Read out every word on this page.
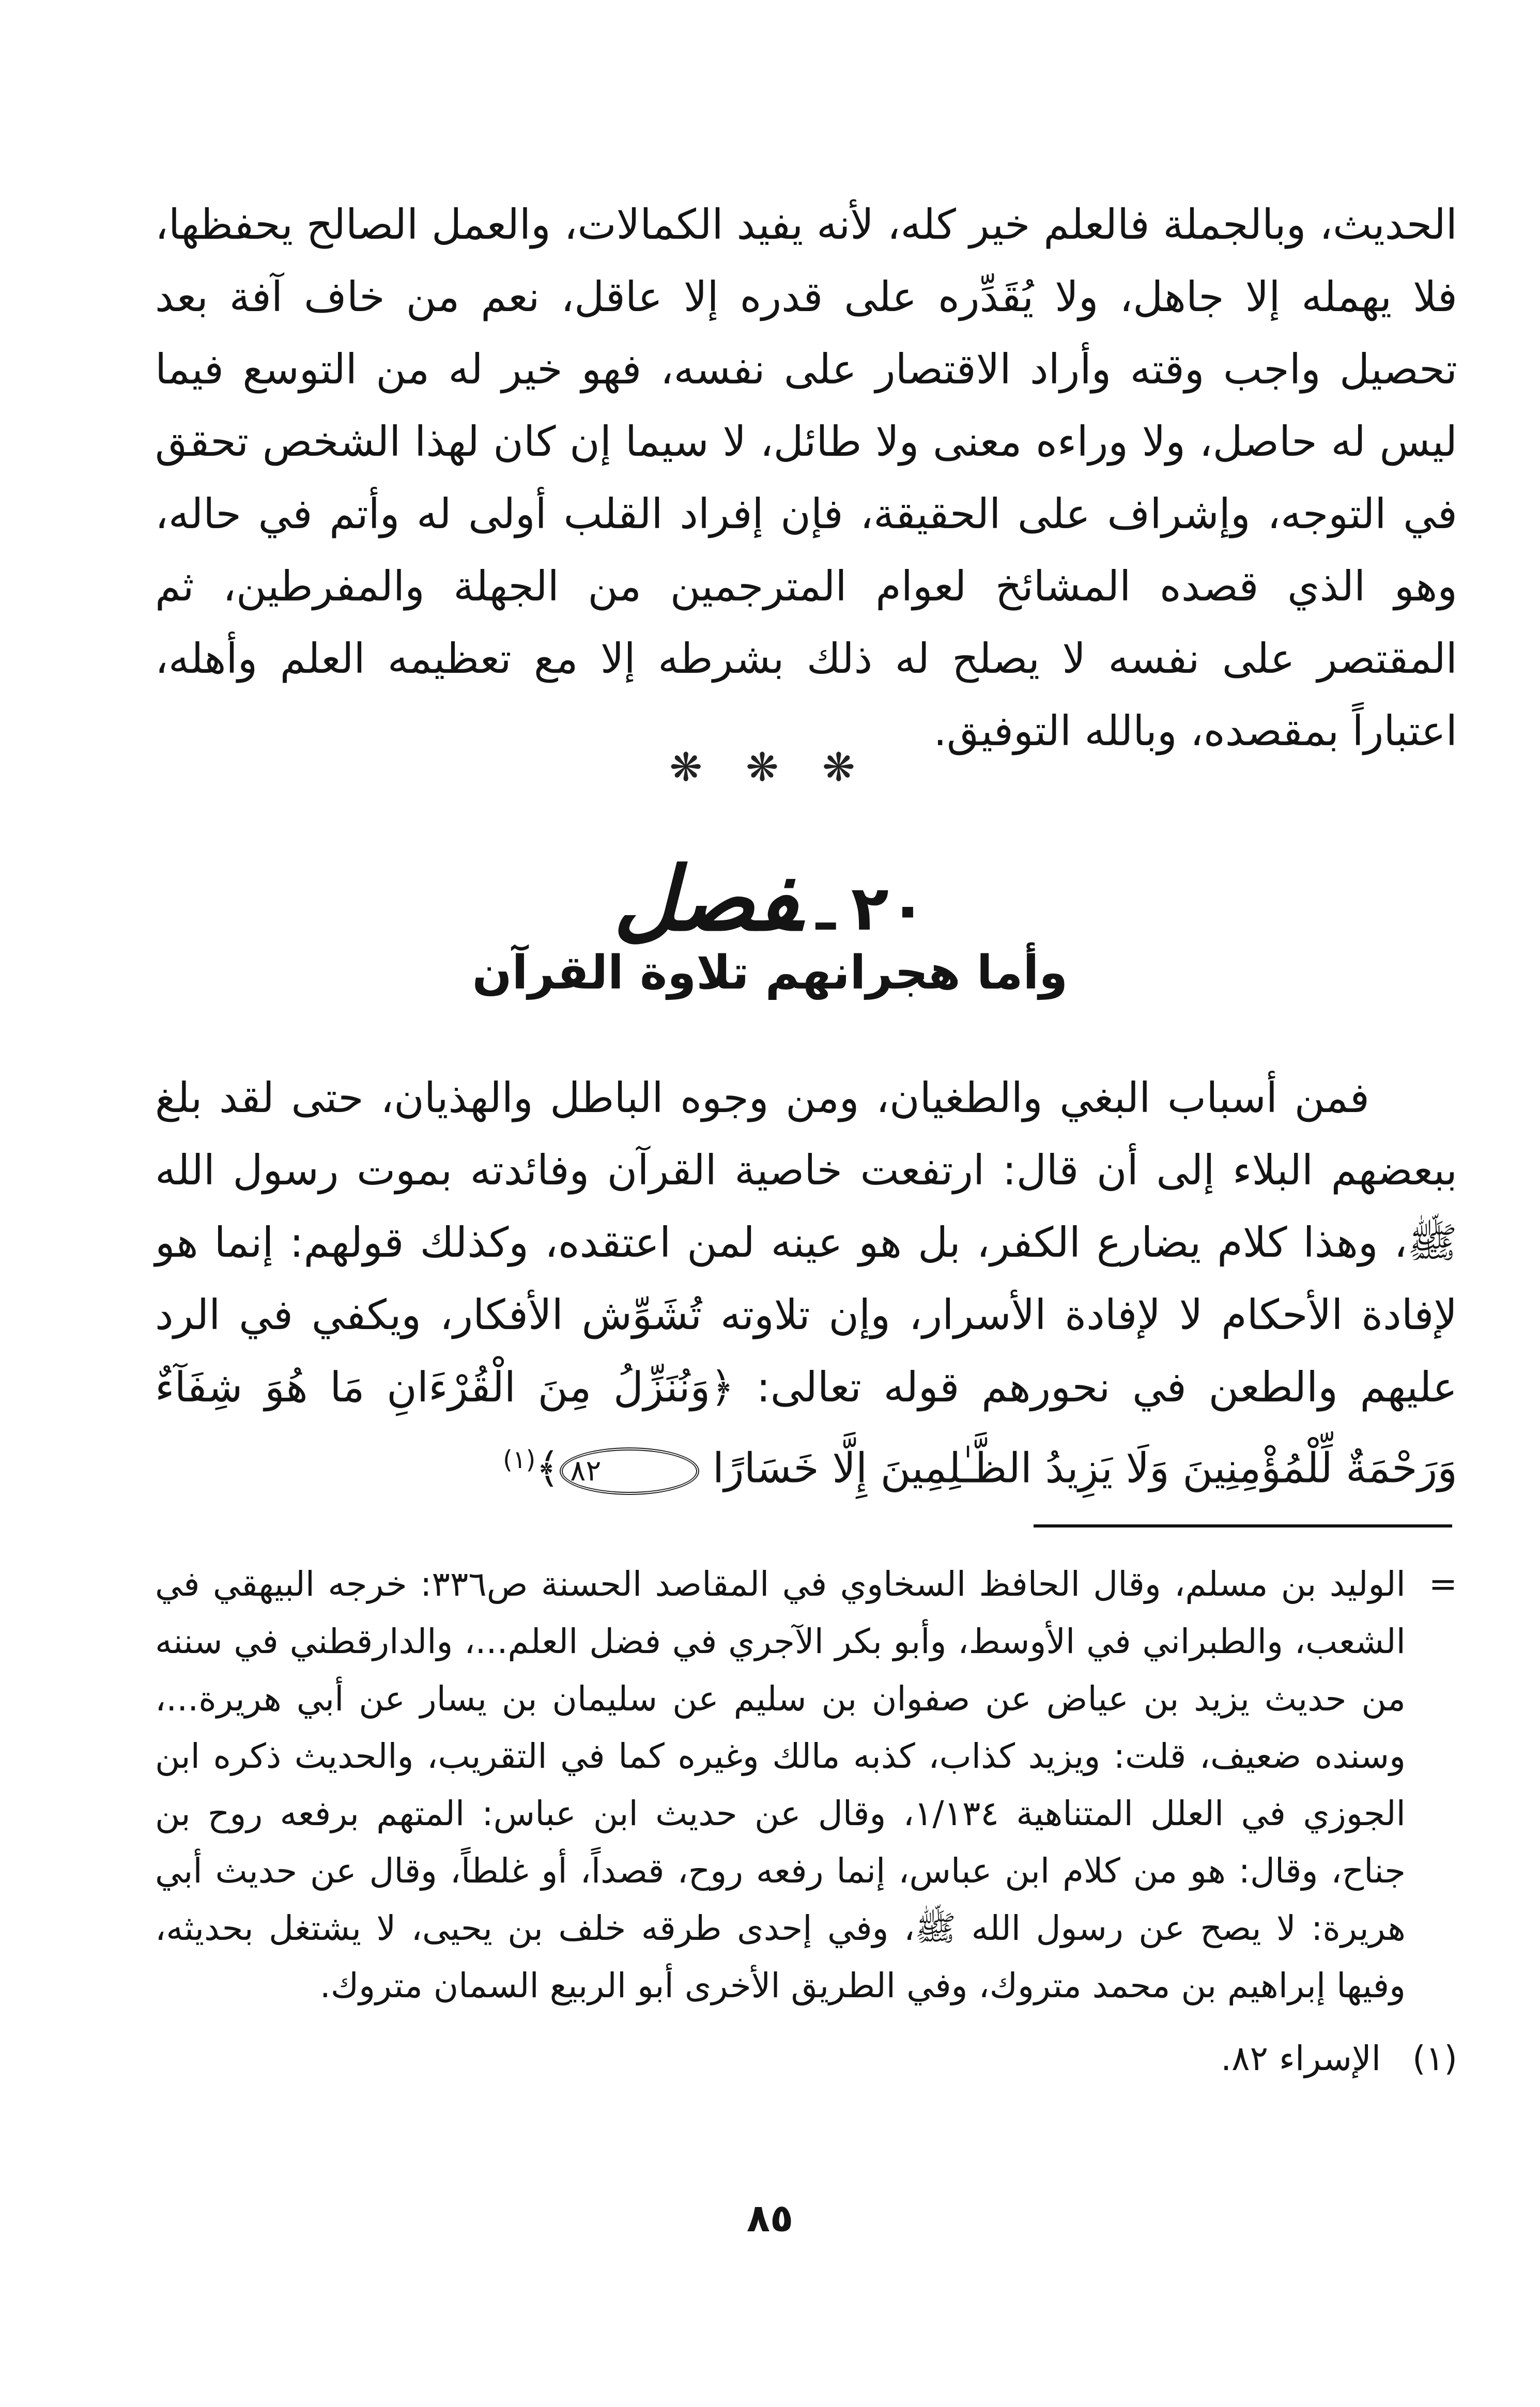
الحديث، وبالجملة فالعلم خير كله، لأنه يفيد الكمالات، والعمل الصالح يحفظها، فلا يهمله إلا جاهل، ولا يُقَدِّره على قدره إلا عاقل، نعم من خاف آفة بعد تحصيل واجب وقته وأراد الاقتصار على نفسه، فهو خير له من التوسع فيما ليس له حاصل، ولا وراءه معنى ولا طائل، لا سيما إن كان لهذا الشخص تحقق في التوجه، وإشراف على الحقيقة، فإن إفراد القلب أولى له وأتم في حاله، وهو الذي قصده المشائخ لعوام المترجمين من الجهلة والمفرطين، ثم المقتصر على نفسه لا يصلح له ذلك بشرطه إلا مع تعظيمه العلم وأهله، اعتباراً بمقصده، وبالله التوفيق.

❋ ❋ ❋
٢٠ـفصل
وأما هجرانهم تلاوة القرآن

فمن أسباب البغي والطغيان، ومن وجوه الباطل والهذيان، حتى لقد بلغ ببعضهم البلاء إلى أن قال: ارتفعت خاصية القرآن وفائدته بموت رسول الله ﷺ، وهذا كلام يضارع الكفر، بل هو عينه لمن اعتقده، وكذلك قولهم: إنما هو لإفادة الأحكام لا لإفادة الأسرار، وإن تلاوته تُشَوِّش الأفكار، ويكفي في الرد عليهم والطعن في نحورهم قوله تعالى: ﴿وَنُنَزِّلُ مِنَ الْقُرْءَانِ مَا هُوَ شِفَآءٌ وَرَحْمَةٌ لِّلْمُؤْمِنِينَ وَلَا يَزِيدُ الظَّـٰلِمِينَ إِلَّا خَسَارًا ٨٢﴾$^{(١)}$

=
الوليد بن مسلم، وقال الحافظ السخاوي في المقاصد الحسنة ص٣٣٦: خرجه البيهقي في الشعب، والطبراني في الأوسط، وأبو بكر الآجري في فضل العلم...، والدارقطني في سننه من حديث يزيد بن عياض عن صفوان بن سليم عن سليمان بن يسار عن أبي هريرة...، وسنده ضعيف، قلت: ويزيد كذاب، كذبه مالك وغيره كما في التقريب، والحديث ذكره ابن الجوزي في العلل المتناهية ١/١٣٤، وقال عن حديث ابن عباس: المتهم برفعه روح بن جناح، وقال: هو من كلام ابن عباس، إنما رفعه روح، قصداً، أو غلطاً، وقال عن حديث أبي هريرة: لا يصح عن رسول الله ﷺ، وفي إحدى طرقه خلف بن يحيى، لا يشتغل بحديثه، وفيها إبراهيم بن محمد متروك، وفي الطريق الأخرى أبو الربيع السمان متروك.
(١) الإسراء ٨٢.
٨٥
